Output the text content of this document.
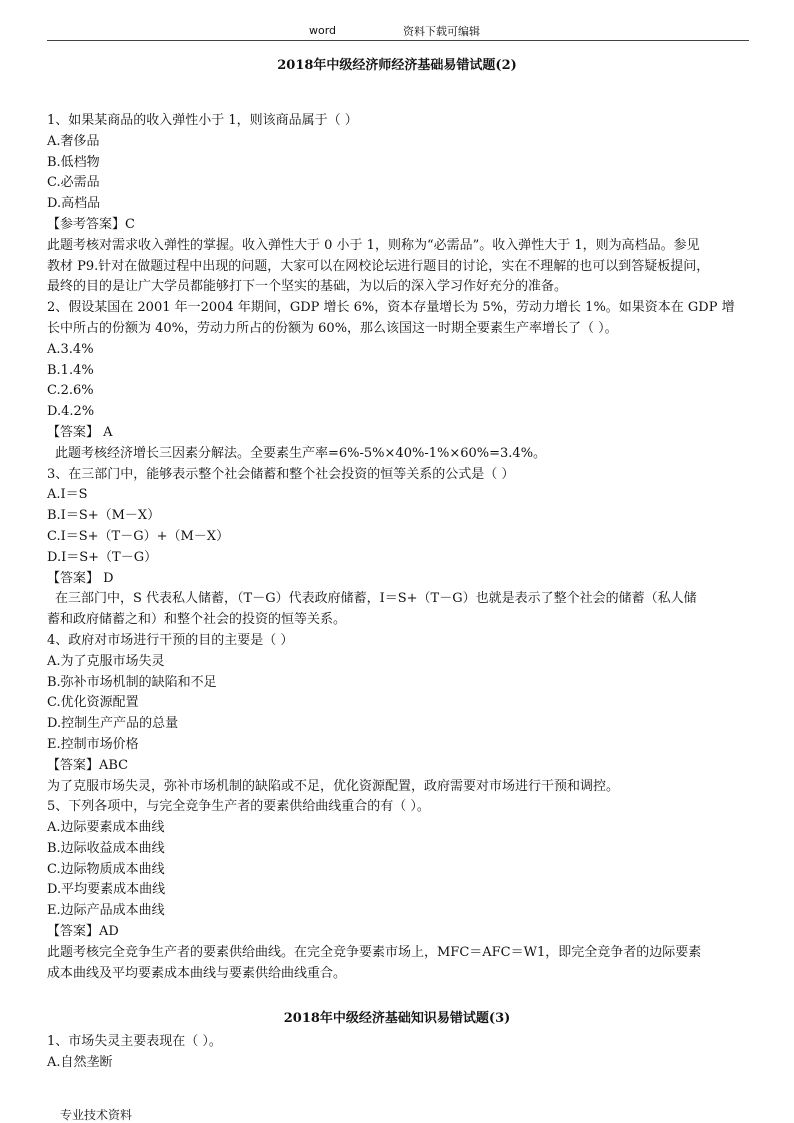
word	资料下载可编辑
2018年中级经济师经济基础易错试题(2)

1、如果某商品的收入弹性小于 1，则该商品属于（ ）

A.奢侈品

B.低档物

C.必需品

D.高档品

【参考答案】C

此题考核对需求收入弹性的掌握。收入弹性大于 0 小于 1，则称为“必需品”。收入弹性大于 1，则为高档品。参见

教材 P9.针对在做题过程中出现的问题，大家可以在网校论坛进行题目的讨论，实在不理解的也可以到答疑板提问，

最终的目的是让广大学员都能够打下一个坚实的基础，为以后的深入学习作好充分的准备。

2、假设某国在 2001 年一2004 年期间，GDP 增长 6%，资本存量增长为 5%，劳动力增长 1%。如果资本在 GDP 增

长中所占的份额为 40%，劳动力所占的份额为 60%，那么该国这一时期全要素生产率增长了（ ）。

A.3.4%

B.1.4%

C.2.6%

D.4.2%

【答案】 A

此题考核经济增长三因素分解法。全要素生产率=6%-5%×40%-1%×60%=3.4%。

3、在三部门中，能够表示整个社会储蓄和整个社会投资的恒等关系的公式是（ ）

A.I＝S

B.I＝S+（M－X）

C.I＝S+（T－G）+（M－X）

D.I＝S+（T－G）

【答案】 D

在三部门中，S 代表私人储蓄，（T－G）代表政府储蓄，I＝S+（T－G）也就是表示了整个社会的储蓄（私人储

蓄和政府储蓄之和）和整个社会的投资的恒等关系。

4、政府对市场进行干预的目的主要是（ ）

A.为了克服市场失灵

B.弥补市场机制的缺陷和不足

C.优化资源配置

D.控制生产产品的总量

E.控制市场价格

【答案】ABC

为了克服市场失灵，弥补市场机制的缺陷或不足，优化资源配置，政府需要对市场进行干预和调控。

5、下列各项中，与完全竞争生产者的要素供给曲线重合的有（ ）。

A.边际要素成本曲线

B.边际收益成本曲线

C.边际物质成本曲线

D.平均要素成本曲线

E.边际产品成本曲线

【答案】AD

此题考核完全竞争生产者的要素供给曲线。在完全竞争要素市场上，MFC＝AFC＝W1，即完全竞争者的边际要素

成本曲线及平均要素成本曲线与要素供给曲线重合。

2018年中级经济基础知识易错试题(3)

1、市场失灵主要表现在（ ）。

A.自然垄断

专业技术资料
